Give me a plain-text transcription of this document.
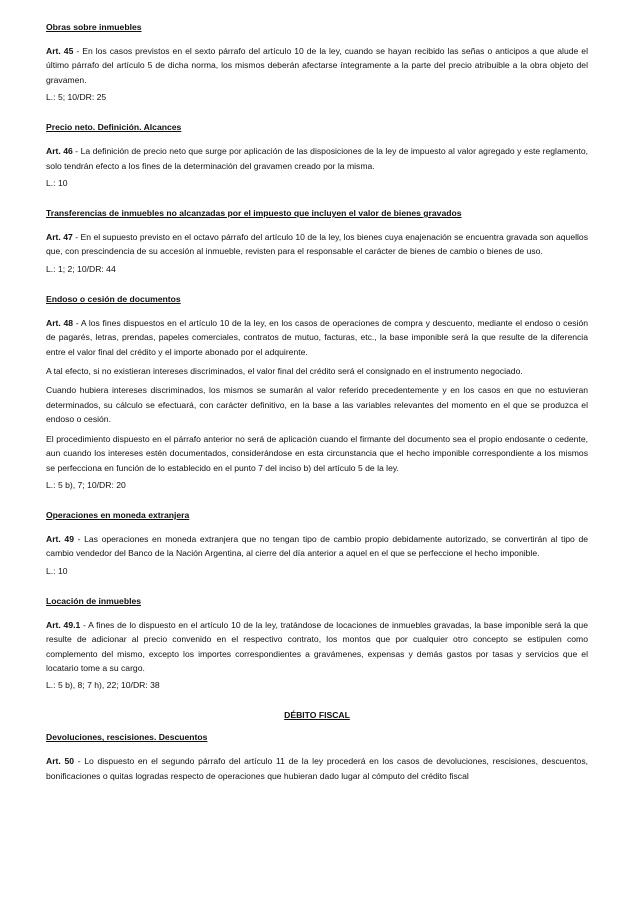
Obras sobre inmuebles

Art. 45 - En los casos previstos en el sexto párrafo del artículo 10 de la ley, cuando se hayan recibido las señas o anticipos a que alude el último párrafo del artículo 5 de dicha norma, los mismos deberán afectarse íntegramente a la parte del precio atribuible a la obra objeto del gravamen.

L.: 5; 10/DR: 25
Precio neto. Definición. Alcances

Art. 46 - La definición de precio neto que surge por aplicación de las disposiciones de la ley de impuesto al valor agregado y este reglamento, solo tendrán efecto a los fines de la determinación del gravamen creado por la misma.

L.: 10
Transferencias de inmuebles no alcanzadas por el impuesto que incluyen el valor de bienes gravados

Art. 47 - En el supuesto previsto en el octavo párrafo del artículo 10 de la ley, los bienes cuya enajenación se encuentra gravada son aquellos que, con prescindencia de su accesión al inmueble, revisten para el responsable el carácter de bienes de cambio o bienes de uso.

L.: 1; 2; 10/DR: 44
Endoso o cesión de documentos

Art. 48 - A los fines dispuestos en el artículo 10 de la ley, en los casos de operaciones de compra y descuento, mediante el endoso o cesión de pagarés, letras, prendas, papeles comerciales, contratos de mutuo, facturas, etc., la base imponible será la que resulte de la diferencia entre el valor final del crédito y el importe abonado por el adquirente.

A tal efecto, si no existieran intereses discriminados, el valor final del crédito será el consignado en el instrumento negociado.

Cuando hubiera intereses discriminados, los mismos se sumarán al valor referido precedentemente y en los casos en que no estuvieran determinados, su cálculo se efectuará, con carácter definitivo, en la base a las variables relevantes del momento en el que se produzca el endoso o cesión.

El procedimiento dispuesto en el párrafo anterior no será de aplicación cuando el firmante del documento sea el propio endosante o cedente, aun cuando los intereses estén documentados, considerándose en esta circunstancia que el hecho imponible correspondiente a los mismos se perfecciona en función de lo establecido en el punto 7 del inciso b) del artículo 5 de la ley.

L.: 5 b), 7; 10/DR: 20
Operaciones en moneda extranjera

Art. 49 - Las operaciones en moneda extranjera que no tengan tipo de cambio propio debidamente autorizado, se convertirán al tipo de cambio vendedor del Banco de la Nación Argentina, al cierre del día anterior a aquel en el que se perfeccione el hecho imponible.

L.: 10
Locación de inmuebles

Art. 49.1 - A fines de lo dispuesto en el artículo 10 de la ley, tratándose de locaciones de inmuebles gravadas, la base imponible será la que resulte de adicionar al precio convenido en el respectivo contrato, los montos que por cualquier otro concepto se estipulen como complemento del mismo, excepto los importes correspondientes a gravámenes, expensas y demás gastos por tasas y servicios que el locatario tome a su cargo.

L.: 5 b), 8; 7 h), 22; 10/DR: 38
DÉBITO FISCAL
Devoluciones, rescisiones. Descuentos

Art. 50 - Lo dispuesto en el segundo párrafo del artículo 11 de la ley procederá en los casos de devoluciones, rescisiones, descuentos, bonificaciones o quitas logradas respecto de operaciones que hubieran dado lugar al cómputo del crédito fiscal
